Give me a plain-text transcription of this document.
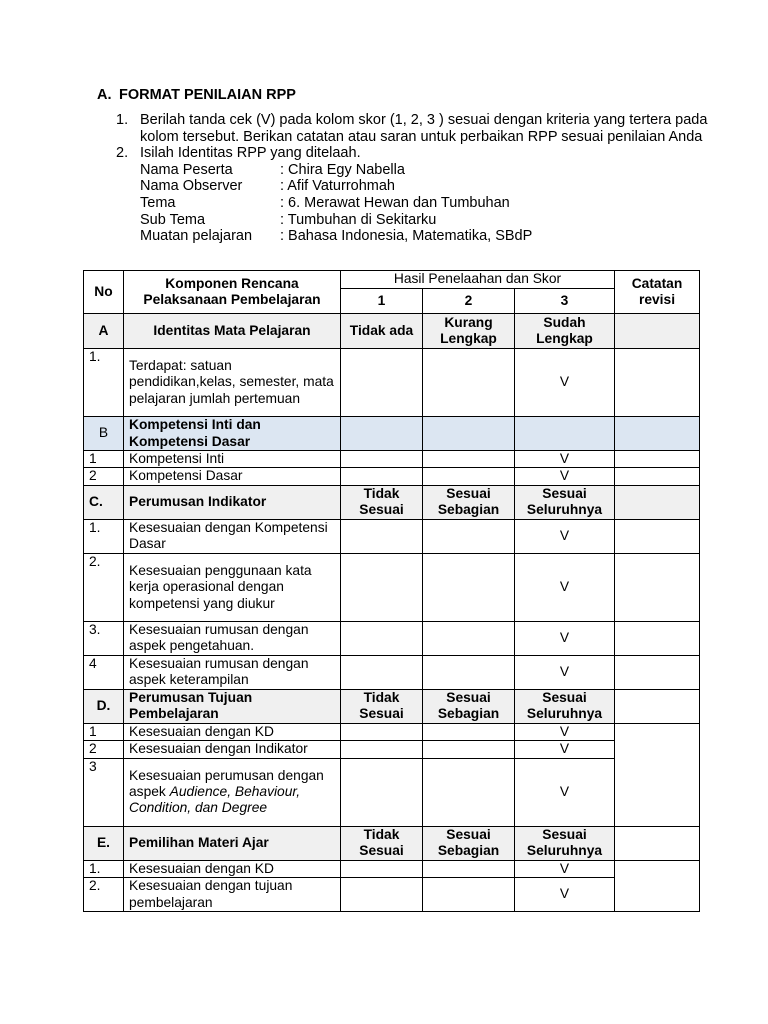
A. FORMAT PENILAIAN RPP
1. Berilah tanda cek (V) pada kolom skor (1, 2, 3 ) sesuai dengan kriteria yang tertera pada kolom tersebut. Berikan catatan atau saran untuk perbaikan RPP sesuai penilaian Anda
2. Isilah Identitas RPP yang ditelaah.
Nama Peserta	: Chira Egy Nabella
Nama Observer	: Afif Vaturrohmah
Tema	: 6. Merawat Hewan dan Tumbuhan
Sub Tema	: Tumbuhan di Sekitarku
Muatan pelajaran	: Bahasa Indonesia, Matematika, SBdP
No	Komponen Rencana Pelaksanaan Pembelajaran	Hasil Penelaahan dan Skor			Catatan revisi
		1	2	3	
A	Identitas Mata Pelajaran	Tidak ada	Kurang Lengkap	Sudah Lengkap	
1.	Terdapat: satuan pendidikan,kelas, semester, mata pelajaran jumlah pertemuan			V	
B	Kompetensi Inti dan Kompetensi Dasar				
1	Kompetensi Inti			V	
2	Kompetensi Dasar			V	
C.	Perumusan Indikator	Tidak Sesuai	Sesuai Sebagian	Sesuai Seluruhnya	
1.	Kesesuaian dengan Kompetensi Dasar			V	
2.	Kesesuaian penggunaan kata kerja operasional dengan kompetensi yang diukur			V	
3.	Kesesuaian rumusan dengan aspek pengetahuan.			V	
4	Kesesuaian rumusan dengan aspek keterampilan			V	
D.	Perumusan Tujuan Pembelajaran	Tidak Sesuai	Sesuai Sebagian	Sesuai Seluruhnya	
1	Kesesuaian dengan KD			V	
2	Kesesuaian dengan Indikator			V	
3	Kesesuaian perumusan dengan aspek Audience, Behaviour, Condition, dan Degree			V	
E.	Pemilihan Materi Ajar	Tidak Sesuai	Sesuai Sebagian	Sesuai Seluruhnya	
1.	Kesesuaian dengan KD			V	
2.	Kesesuaian dengan tujuan pembelajaran			V	
